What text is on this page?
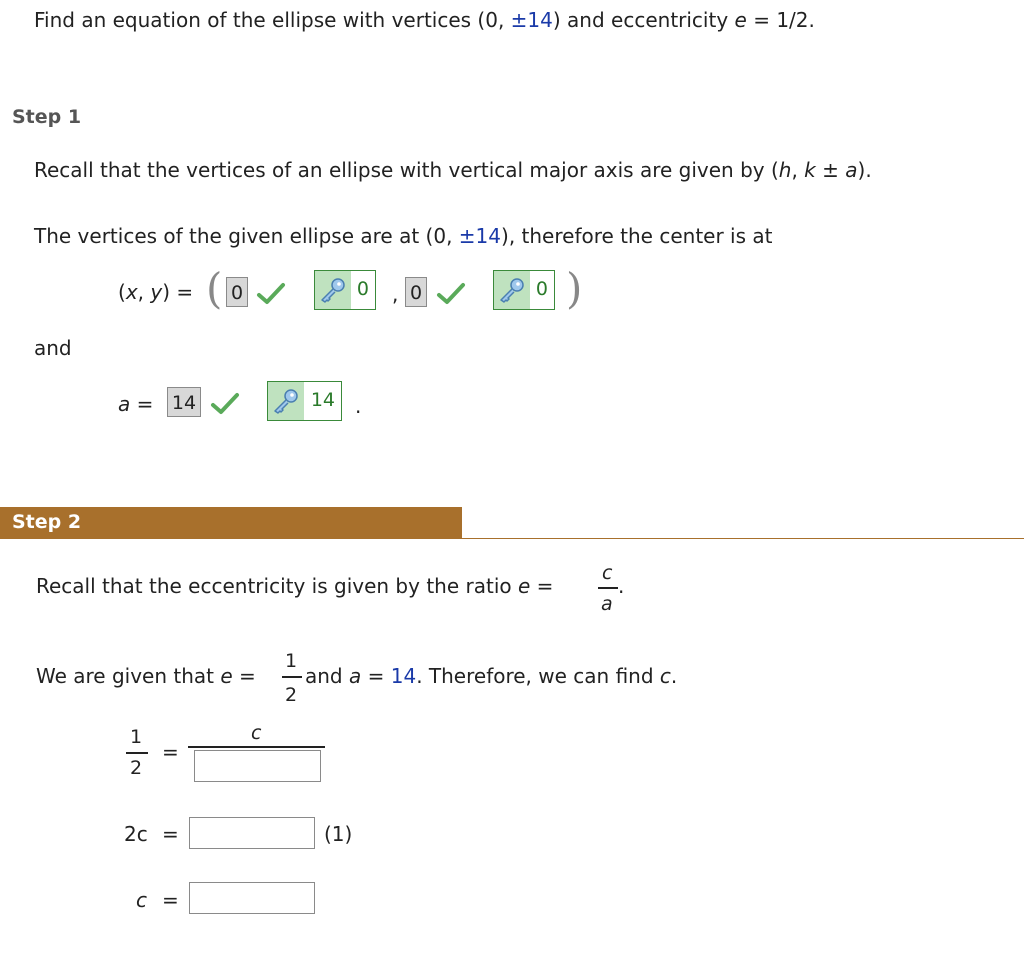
Find an equation of the ellipse with vertices (0, ±14) and eccentricity e = 1/2.
Step 1
Recall that the vertices of an ellipse with vertical major axis are given by (h, k ± a).
The vertices of the given ellipse are at (0, ±14), therefore the center is at
(x, y) = ( 0	0 , 0	0 )
and
a = 14	14 .
Step 2
Recall that the eccentricity is given by the ratio e =
c
.
a
We are given that e =
1
2
and a = 14. Therefore, we can find c.
1
2
=
c
2c =	(1)
c =
